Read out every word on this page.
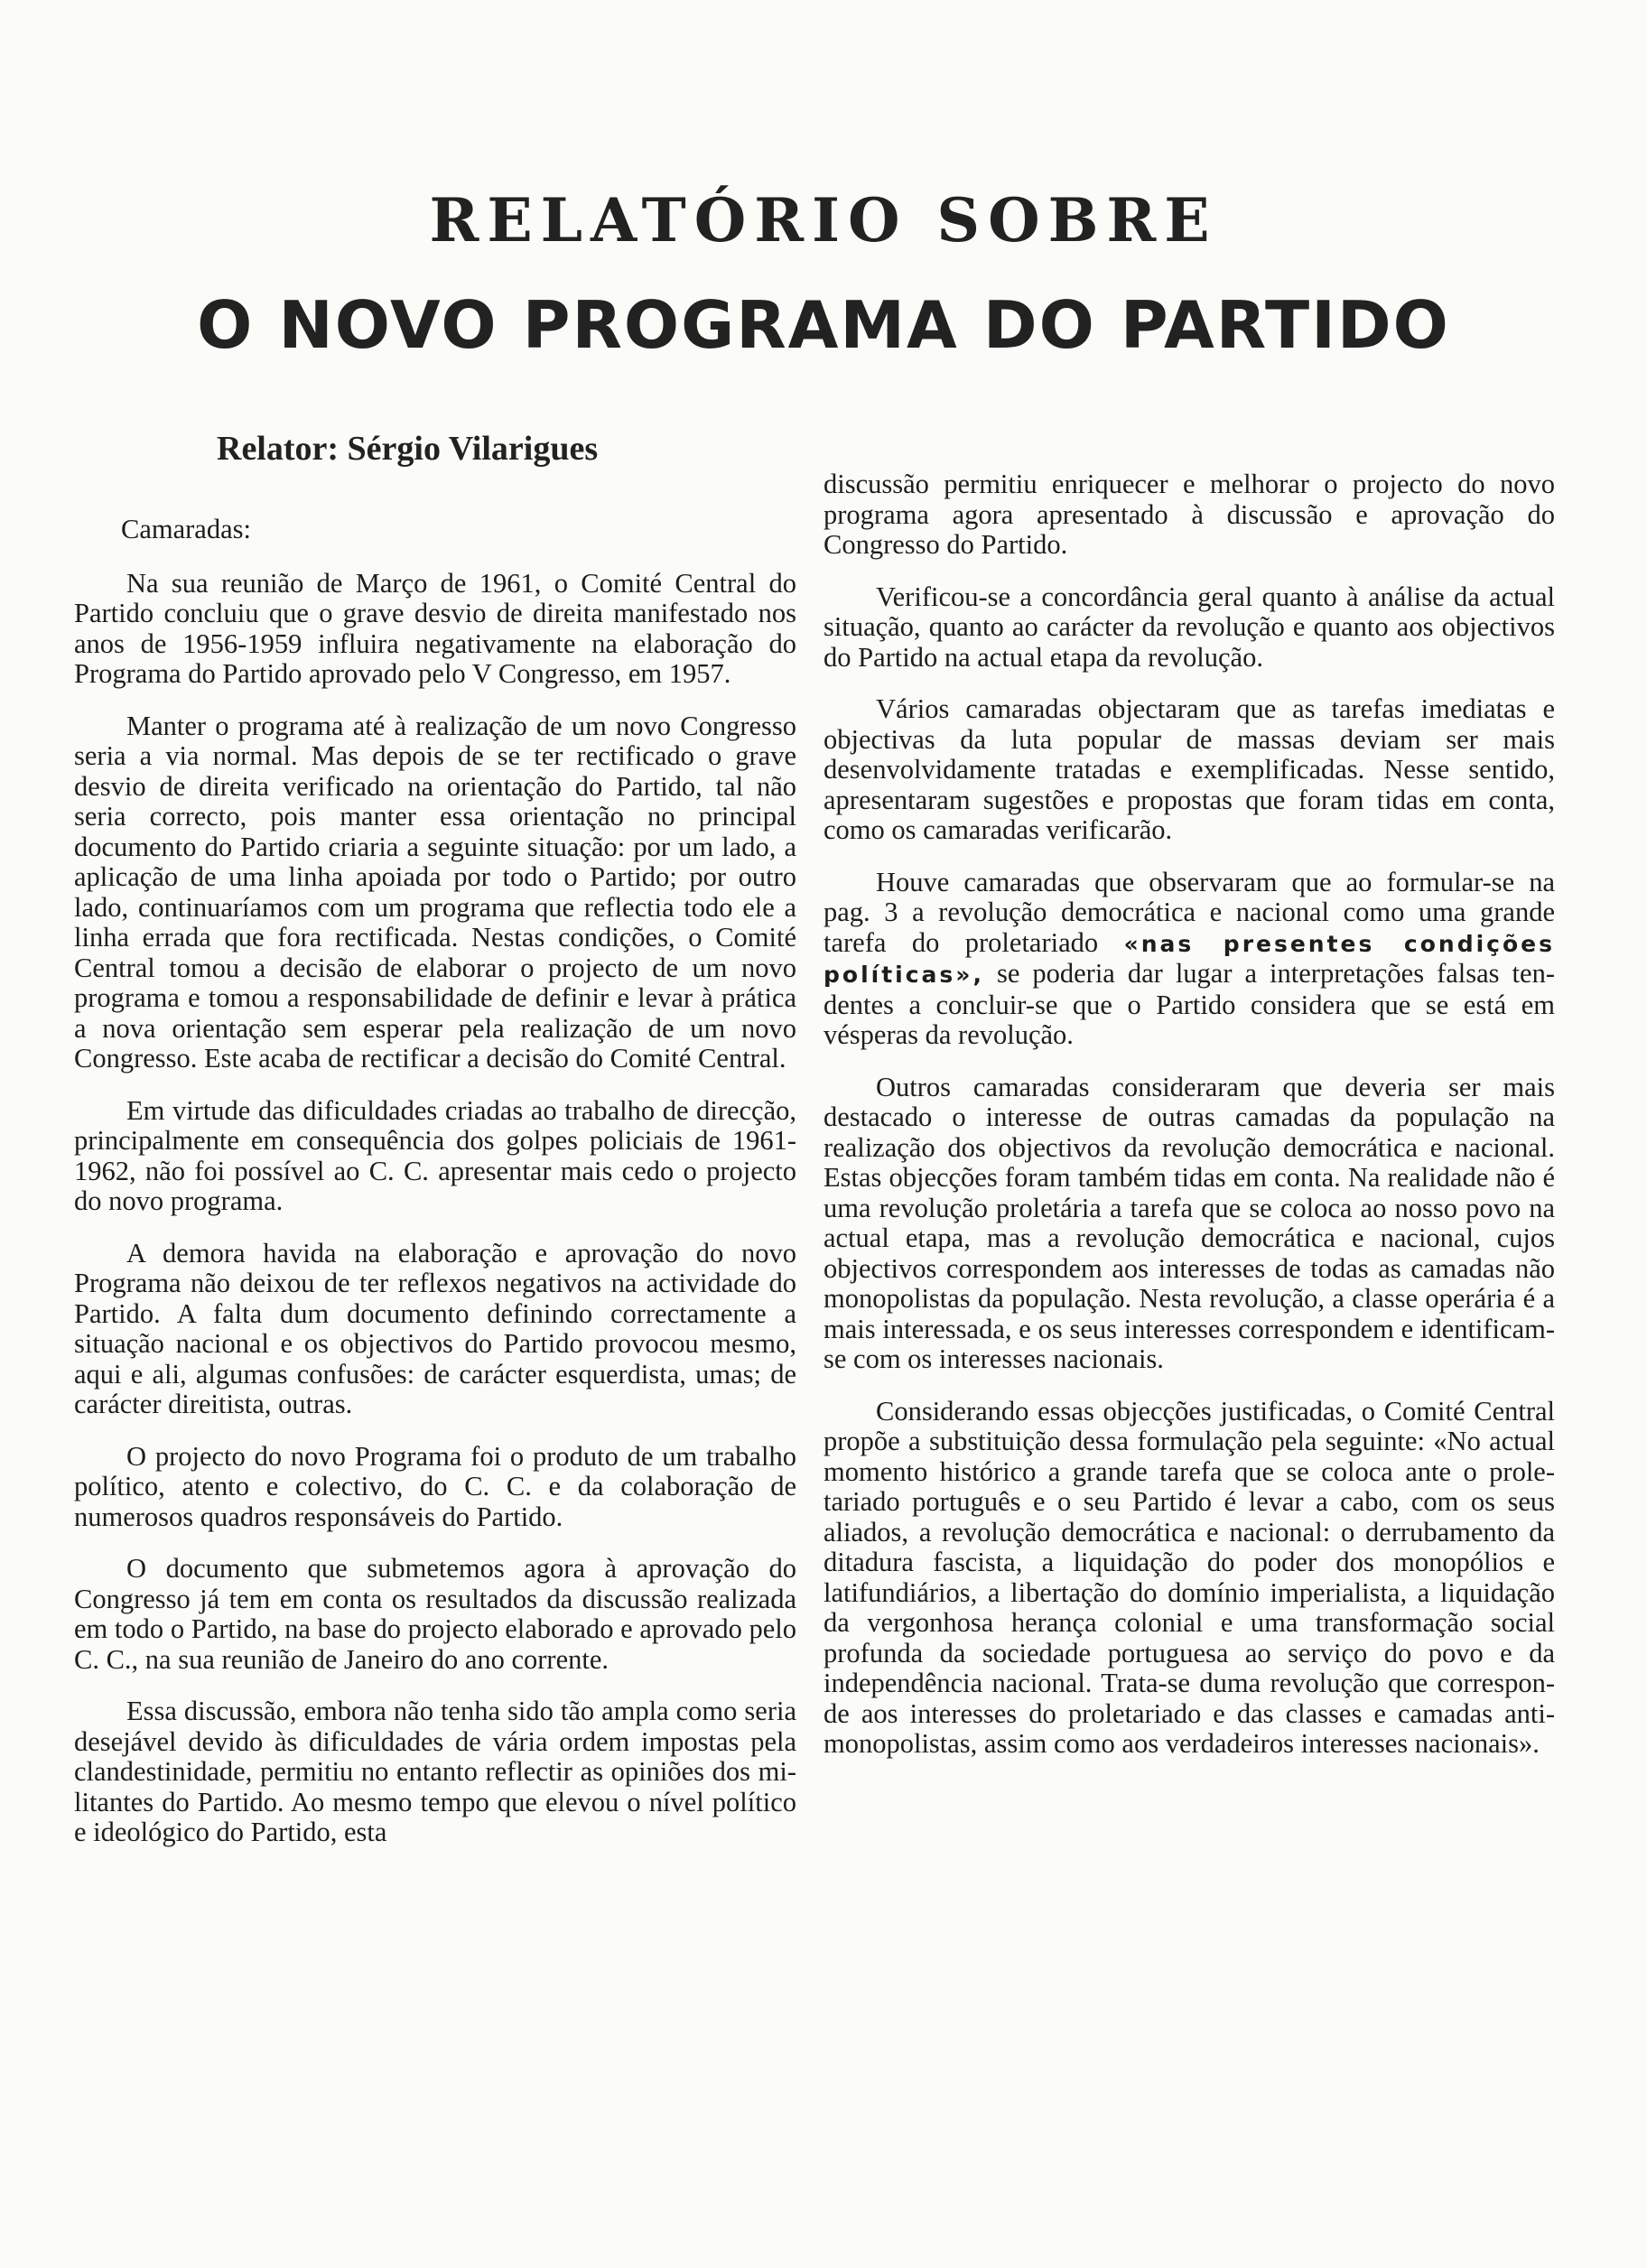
RELATÓRIO SOBRE
O NOVO PROGRAMA DO PARTIDO
Relator: Sérgio Vilarigues

Camaradas:

Na sua reunião de Março de 1961, o Comité Central do Partido concluiu que o grave desvio de direita manifestado nos anos de 1956-1959 influira negativamente na elaboração do Programa do Partido aprovado pelo V Congresso, em 1957.

Manter o programa até à realização de um novo Congresso seria a via normal. Mas depois de se ter rectificado o grave desvio de direita verificado na orientação do Partido, tal não seria correcto, pois manter essa orientação no principal documento do Partido criaria a seguinte situação: por um lado, a aplicação de uma linha apoiada por todo o Partido; por outro lado, continuaríamos com um programa que reflectia todo ele a linha errada que fora rectificada. Nestas condições, o Comité Central tomou a decisão de elaborar o projecto de um novo programa e tomou a responsabilidade de definir e levar à prática a nova orientação sem esperar pela realização de um novo Congresso. Este acaba de rectificar a decisão do Comité Central.

Em virtude das dificuldades criadas ao trabalho de direcção, principalmente em consequência dos golpes policiais de 1961-1962, não foi possível ao C. C. apresentar mais cedo o projecto do novo programa.

A demora havida na elaboração e aprovação do novo Programa não deixou de ter reflexos negativos na actividade do Partido. A falta dum documento definindo correctamente a situação nacional e os objectivos do Partido provocou mesmo, aqui e ali, algumas confusões: de carácter esquerdista, umas; de carácter direitista, outras.

O projecto do novo Programa foi o produto de um trabalho político, atento e colectivo, do C. C. e da colaboração de numerosos quadros responsáveis do Partido.

O documento que submetemos agora à aprovação do Congresso já tem em conta os resultados da discussão realizada em todo o Partido, na base do projecto elaborado e aprovado pelo C. C., na sua reunião de Janeiro do ano corrente.

Essa discussão, embora não tenha sido tão ampla como seria desejável devido às dificuldades de vária ordem impostas pela clandestinidade, permitiu no entanto reflectir as opiniões dos militantes do Partido. Ao mesmo tempo que elevou o nível político e ideológico do Partido, esta

discussão permitiu enriquecer e melhorar o projecto do novo programa agora apresentado à discussão e aprovação do Congresso do Partido.

Verificou-se a concordância geral quanto à análise da actual situação, quanto ao carácter da revolução e quanto aos objectivos do Partido na actual etapa da revolução.

Vários camaradas objectaram que as tarefas imediatas e objectivas da luta popular de massas deviam ser mais desenvolvidamente tratadas e exemplificadas. Nesse sentido, apresentaram sugestões e propostas que foram tidas em conta, como os camaradas verificarão.

Houve camaradas que observaram que ao formular-se na pag. 3 a revolução democrática e nacional como uma grande tarefa do proletariado «nas presentes condições políticas», se poderia dar lugar a interpretações falsas tendentes a concluir-se que o Partido considera que se está em vésperas da revolução.

Outros camaradas consideraram que deveria ser mais destacado o interesse de outras camadas da população na realização dos objectivos da revolução democrática e nacional. Estas objecções foram também tidas em conta. Na realidade não é uma revolução proletária a tarefa que se coloca ao nosso povo na actual etapa, mas a revolução democrática e nacional, cujos objectivos correspondem aos interesses de todas as camadas não monopolistas da população. Nesta revolução, a classe operária é a mais interessada, e os seus interesses correspondem e identificam-se com os interesses nacionais.

Considerando essas objecções justificadas, o Comité Central propõe a substituição dessa formulação pela seguinte: «No actual momento histórico a grande tarefa que se coloca ante o proletariado português e o seu Partido é levar a cabo, com os seus aliados, a revolução democrática e nacional: o derrubamento da ditadura fascista, a liquidação do poder dos monopólios e latifundiários, a libertação do domínio imperialista, a liquidação da vergonhosa herança colonial e uma transformação social profunda da sociedade portuguesa ao serviço do povo e da independência nacional. Trata-se duma revolução que corresponde aos interesses do proletariado e das classes e camadas anti-monopolistas, assim como aos verdadeiros interesses nacionais».
